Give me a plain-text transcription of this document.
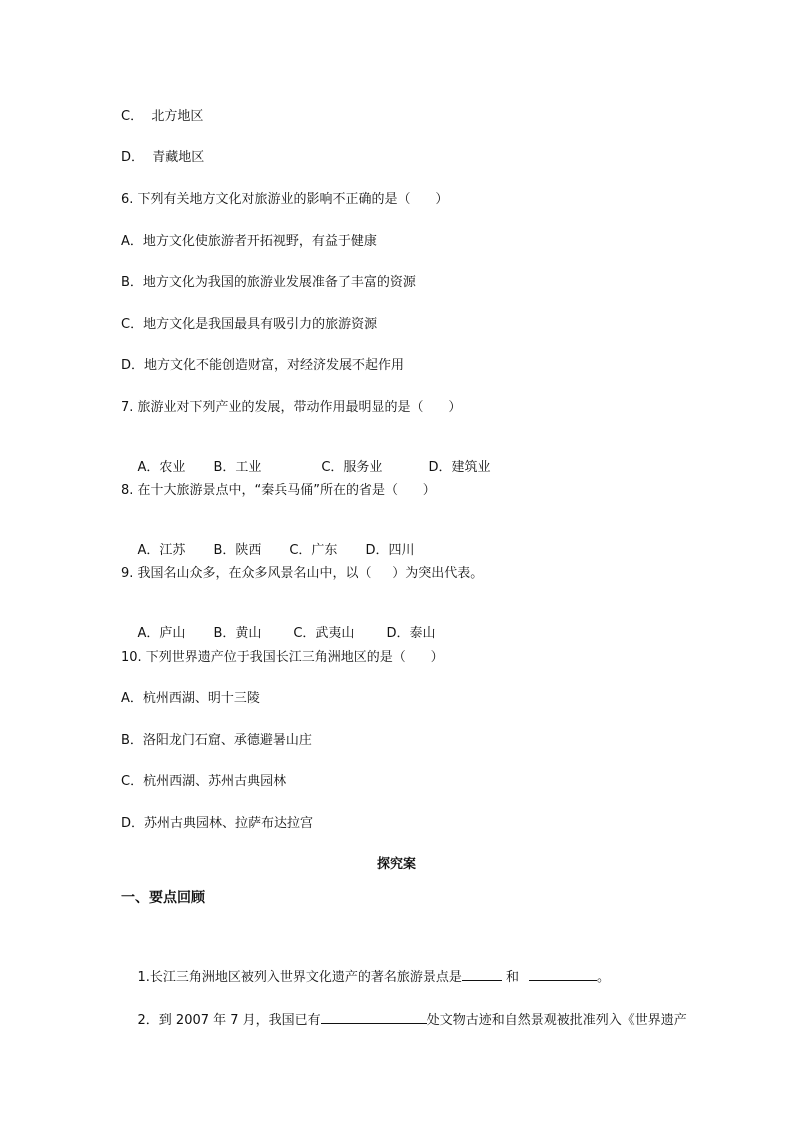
C．  北方地区
D．  青藏地区
6. 下列有关地方文化对旅游业的影响不正确的是（      ）
A．地方文化使旅游者开拓视野，有益于健康
B．地方文化为我国的旅游业发展准备了丰富的资源
C．地方文化是我国最具有吸引力的旅游资源
D．地方文化不能创造财富，对经济发展不起作用
7. 旅游业对下列产业的发展，带动作用最明显的是（      ）

A．农业 B．工业	C．服务业	D．建筑业

8. 在十大旅游景点中，“秦兵马俑”所在的省是（      ）

A．江苏 B．陕西 C．广东 D．四川

9. 我国名山众多，在众多风景名山中，以（     ）为突出代表。

A．庐山 B．黄山 C．武夷山 D．泰山

10. 下列世界遗产位于我国长江三角洲地区的是（      ）
A．杭州西湖、明十三陵
B．洛阳龙门石窟、承德避暑山庄
C．杭州西湖、苏州古典园林
D．苏州古典园林、拉萨布达拉宫
探究案
一、要点回顾

1.长江三角洲地区被列入世界文化遗产的著名旅游景点是	和	。

2．到 2007 年 7 月，我国已有	处文物古迹和自然景观被批准列入《世界遗产
